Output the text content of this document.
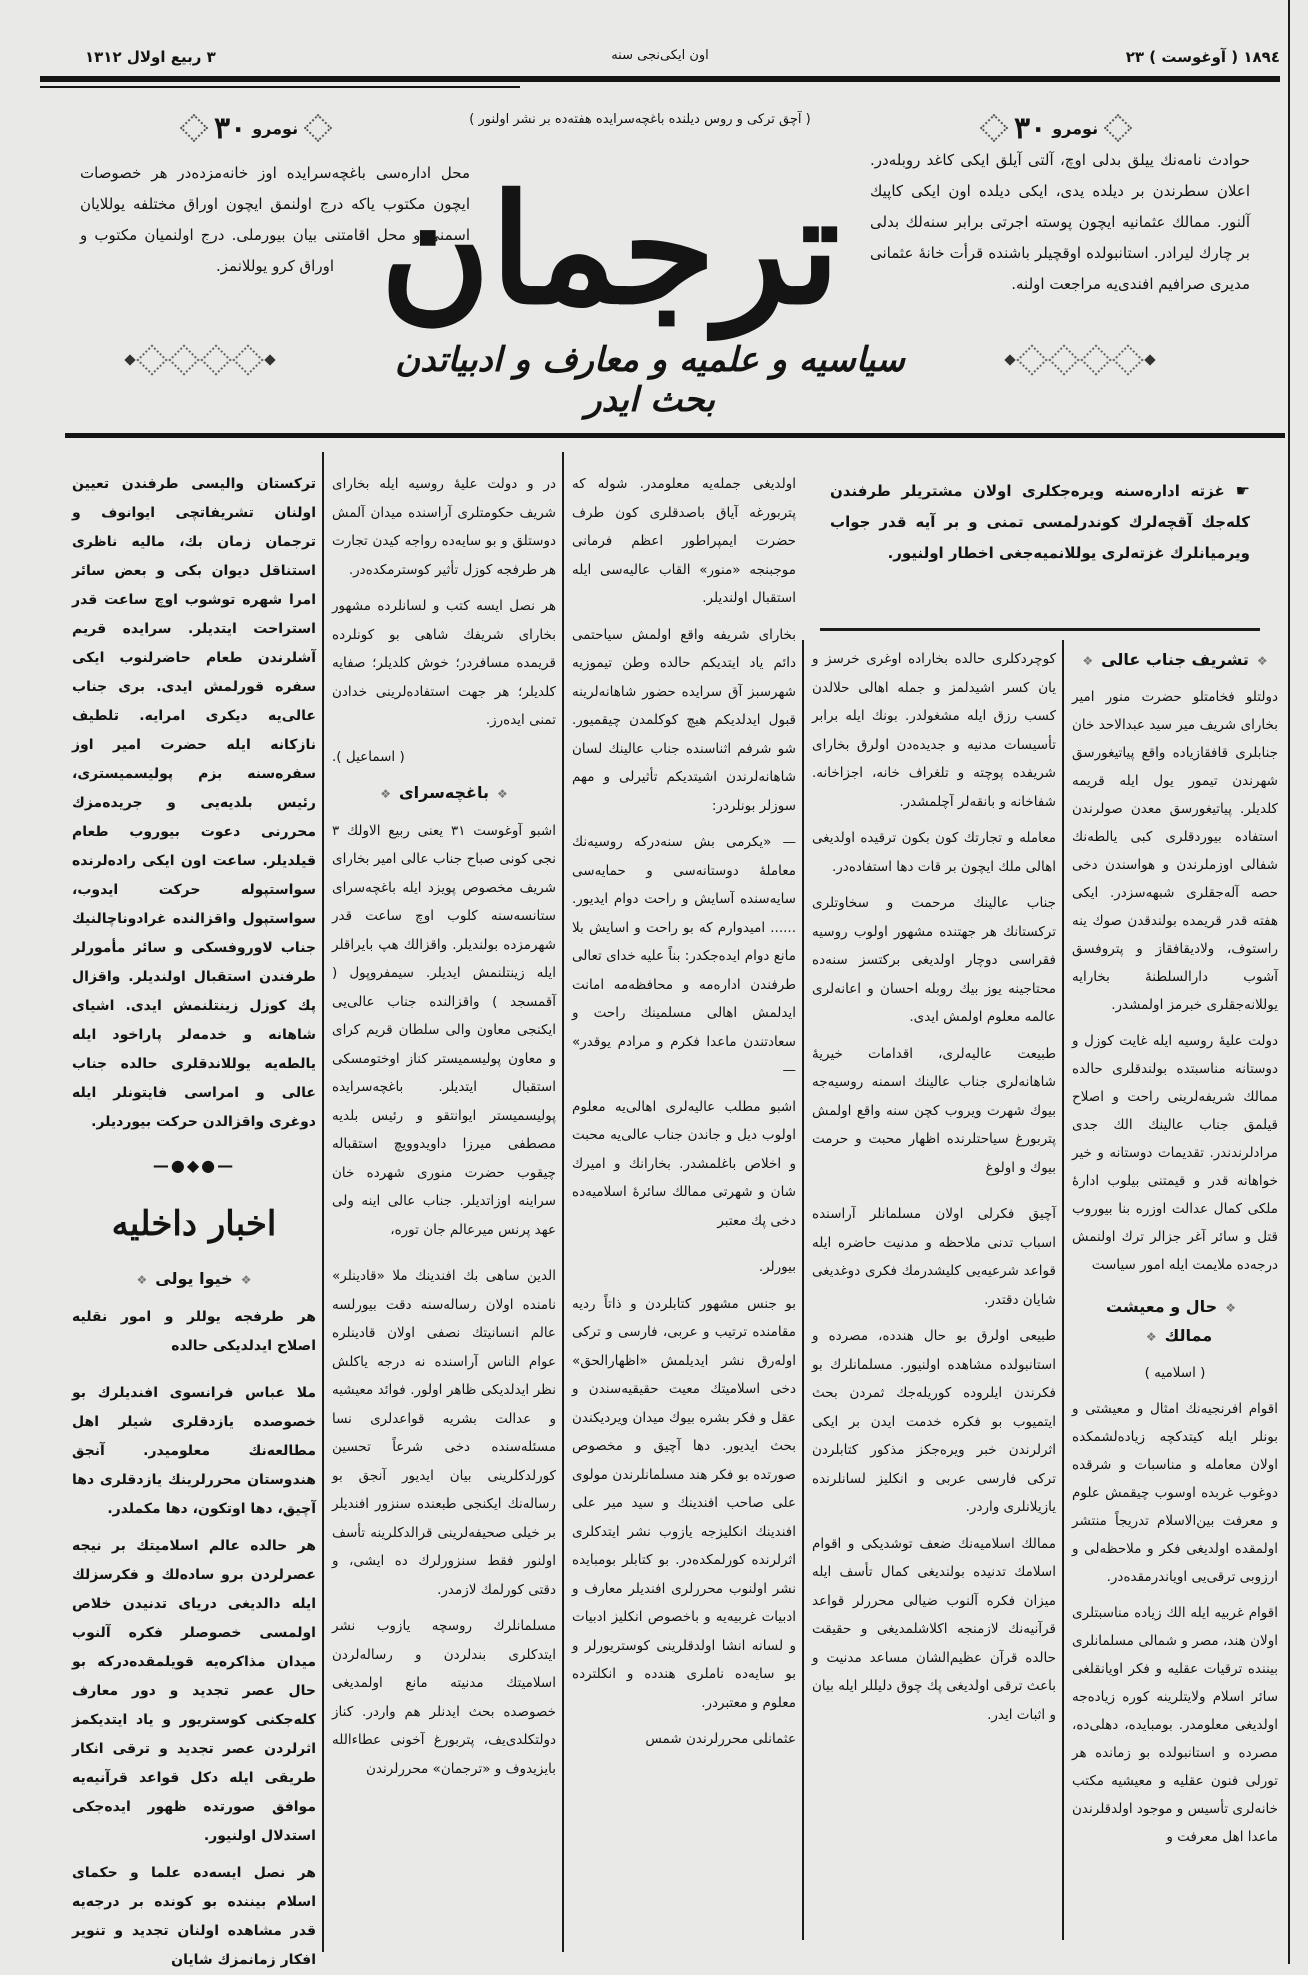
٣ ربیع اولال ١٣١٢	اون ایکی‌نجی سنه	١٨٩٤ ( آوغوست ) ٢٣
٣٠ نومرو	( آچق ترکی و روس دیلنده باغچه‌سرایده هفته‌ده بر نشر اولنور )	٣٠ نومرو
محل اداره‌سی باغچه‌سرایده اوز خانه‌مزده‌در هر خصوصات ایچون مکتوب یاکه درج اولنمق ایچون اوراق مختلفه یوللایان اسمنی و محل اقامتنی بیان بیورملی. درج اولنمیان مکتوب و اوراق کرو یوللانمز.
حوادث نامه‌نك ییلق بدلی اوچ، آلتی آیلق ایکی کاغد روبله‌در. اعلان سطرندن بر دیلده یدی، ایکی دیلده اون ایکی کاپیك آلنور. ممالك عثمانیه ایچون پوسته اجرتی برابر سنه‌لك بدلی بر چارك لیرادر. استانبولده اوقچیلر باشنده قرأت خانهٔ عثمانی مدیری صرافیم افندی‌یه مراجعت اولنه.
ترجمان
سیاسیه و علمیه و معارف و ادبیاتدن بحث ایدر

☛ غزته اداره‌سنه ویره‌جکلری اولان مشتریلر طرفندن کله‌جك آقچه‌لرك کوندرلمسی تمنی و بر آیه قدر جواب ویرمیانلرك غزته‌لری یوللانمیه‌جغی اخطار اولنیور.

❖ تشریف جناب عالی ❖

دولتلو فخامتلو حضرت منور امیر بخارای شریف میر سید عبدالاحد خان جنابلری قافقازیاده واقع پیاتیغورسق شهرندن تیمور یول ایله قریمه کلدیلر. پیاتیغورسق معدن صولرندن استفاده بیوردقلری کبی یالطه‌نك شفالی اوزملرندن و هواسندن دخی حصه آله‌جقلری شبهه‌سزدر. ایکی هفته قدر قریمده بولندقدن صوك ینه راستوف، ولادیقافقاز و پتروفسق آشوب دارالسلطنهٔ بخارایه یوللانه‌جقلری خبرمز اولمشدر.

دولت علیهٔ روسیه ایله غایت کوزل و دوستانه مناسبتده بولندقلری حالده ممالك شریفه‌لرینی راحت و اصلاح قیلمق جناب عالینك الك جدی مرادلرندندر. تقدیمات دوستانه و خیر خواهانه قدر و قیمتنی بیلوب ادارهٔ ملکی کمال عدالت اوزره بنا بیوروب قتل و سائر آغر جزالر ترك اولنمش درجه‌ده ملایمت ایله امور سیاست

❖ حال و معیشت ممالك ❖

( اسلامیه )

اقوام افرنجیه‌نك امثال و معیشتی و بونلر ایله کیتدکچه زیاده‌لشمکده اولان معامله و مناسبات و شرقده دوغوب غربده اوسوب چیقمش علوم و معرفت بین‌الاسلام تدریجاً منتشر اولمقده اولدیغی فکر و ملاحظه‌لی و ارزوبی ترقی‌یی اویاندرمقده‌در.

اقوام غربیه ایله الك زیاده مناسبتلری اولان هند، مصر و شمالی مسلمانلری بیننده ترقیات عقلیه و فکر اویانقلغی سائر اسلام ولایتلرینه کوره زیاده‌جه اولدیغی معلومدر. بومبایده، دهلی‌ده، مصرده و استانبولده بو زمانده هر تورلی فنون عقلیه و معیشیه مکتب خانه‌لری تأسیس و موجود اولدقلرندن ماعدا اهل معرفت و

کوچردکلری حالده بخاراده اوغری خرسز و یان کسر اشیدلمز و جمله اهالی حلالدن کسب رزق ایله مشغولدر. بونك ایله برابر تأسیسات مدنیه و جدیده‌دن اولرق بخارای شریفده پوچته و تلغراف خانه، اجزاخانه. شفاخانه و بانقه‌لر آچلمشدر.

معامله و تجارتك کون بکون ترقیده اولدیغی اهالی ملك ایچون بر قات دها استفاده‌در.

جناب عالینك مرحمت و سخاوتلری ترکستانك هر جهتنده مشهور اولوب روسیه فقراسی دوچار اولدیغی برکتسز سنه‌ده محتاجینه یوز بیك روبله احسان و اعانه‌لری عالمه معلوم اولمش ایدی.

طبیعت عالیه‌لری، اقدامات خیریهٔ شاهانه‌لری جناب عالینك اسمنه روسیه‌جه بیوك شهرت ویروب کچن سنه واقع اولمش پتربورغ سیاحتلرنده اظهار محبت و حرمت بیوك و اولوغ

آچیق فکرلی اولان مسلمانلر آراسنده اسباب تدنی ملاحظه و مدنیت حاضره ایله قواعد شرعیه‌یی کلیشدرمك فکری دوغدیغی شایان دقتدر.

طبیعی اولرق بو حال هندده، مصرده و استانبولده مشاهده اولنیور. مسلمانلرك بو فکرندن ایلروده کوریله‌جك ثمردن بحث ایتمیوب بو فکره خدمت ایدن بر ایکی اثرلرندن خبر ویره‌جکز مذکور کتابلردن ترکی فارسی عربی و انکلیز لسانلرنده یازیلانلری واردر.

ممالك اسلامیه‌نك ضعف توشدیکی و اقوام اسلامك تدنیده بولندیغی کمال تأسف ایله میزان فکره آلنوب ضیالی محررلر قواعد قرآنیه‌نك لازمنجه اکلاشلمدیغی و حقیقت حالده قرآن عظیم‌الشان مساعد مدنیت و باعث ترقی اولدیغی پك چوق دلیللر ایله بیان و اثبات ایدر.

اولدیغی جمله‌یه معلومدر. شوله که پتربورغه آیاق باصدقلری کون طرف حضرت ایمپراطور اعظم فرمانی موجبنجه «منور» القاب عالیه‌سی ایله استقبال اولندیلر.

بخارای شریفه واقع اولمش سیاحتمی دائم یاد ایتدیکم حالده وطن تیموزیه شهرسبز آق سرایده حضور شاهانه‌لرینه قبول ایدلدیکم هیچ کوکلمدن چیقمیور. شو شرفم اثناسنده جناب عالینك لسان شاهانه‌لرندن اشیتدیکم تأثیرلی و مهم سوزلر بونلردر:

— «یکرمی بش سنه‌درکه روسیه‌نك معاملهٔ دوستانه‌سی و حمایه‌سی سایه‌سنده آسایش و راحت دوام ایدیور. ...... امیدوارم که بو راحت و اسایش بلا مانع دوام ایده‌جکدر: بناً علیه خدای تعالی طرفندن اداره‌مه و محافظه‌مه امانت ایدلمش اهالی مسلمینك راحت و سعادتندن ماعدا فکرم و مرادم یوقدر» —

اشبو مطلب عالیه‌لری اهالی‌یه معلوم اولوب دیل و جاندن جناب عالی‌یه محبت و اخلاص باغلمشدر. بخارانك و امیرك شان و شهرتی ممالك سائرهٔ اسلامیه‌ده دخی پك معتبر

بیورلر.

بو جنس مشهور کتابلردن و ذاتاً ردیه مقامنده ترتیب و عربی، فارسی و ترکی اوله‌رق نشر ایدیلمش «اظهارالحق» دخی اسلامیتك معیت حقیقیه‌سندن و عقل و فکر بشره بیوك میدان ویردیکندن بحث ایدیور. دها آچیق و مخصوص صورتده بو فکر هند مسلمانلرندن مولوی علی صاحب افندینك و سید میر علی افندینك انکلیزجه یازوب نشر ایتدکلری اثرلرنده کورلمکده‌در. بو کتابلر بومبایده نشر اولنوب محررلری افندیلر معارف و ادبیات غربیه‌یه و باخصوص انکلیز ادبیات و لسانه انشا اولدقلرینی کوستریورلر و بو سایه‌ده ناملری هندده و انکلترده معلوم و معتبردر.

عثمانلی محررلرندن شمس

در و دولت علیهٔ روسیه ایله بخارای شریف حکومتلری آراسنده میدان آلمش دوستلق و بو سایه‌ده رواجه کیدن تجارت هر طرفجه کوزل تأثیر کوسترمکده‌در.

هر نصل ایسه کتب و لسانلرده مشهور بخارای شریفك شاهی بو کونلرده قریمده مسافردر؛ خوش کلدیلر؛ صفایه کلدیلر؛ هر جهت استفاده‌لرینی خدادن تمنی ایده‌رز.

( اسماعیل ).

❖ باغچه‌سرای ❖

اشبو آوغوست ٣١ یعنی ربیع الاولك ٣ نجی کونی صباح جناب عالی امیر بخارای شریف مخصوص پویزد ایله باغچه‌سرای ستانسه‌سنه کلوب اوچ ساعت قدر شهرمزده بولندیلر. واقزالك هپ بایراقلر ایله زینتلنمش ایدیلر. سیمفروپول ( آقمسجد ) واقزالنده جناب عالی‌یی ایکنجی معاون والی سلطان قریم کرای و معاون پولیسمیستر کناز اوختومسکی استقبال ایتدیلر. باغچه‌سرایده پولیسمیستر ایوانتقو و رئیس بلدیه مصطفی میرزا داویدوویچ استقباله چیقوب حضرت منوری شهرده خان سراینه اوزاتدیلر. جناب عالی اینه ولی عهد پرنس میرعالم جان توره،

الدین ساهی بك افندینك ملا «قادینلر» نامنده اولان رساله‌سنه دقت بیورلسه عالم انسانیتك نصفی اولان قادینلره عوام الناس آراسنده نه درجه یاکلش نظر ایدلدیکی ظاهر اولور. فوائد معیشیه و عدالت بشریه قواعدلری نسا مسئله‌سنده دخی شرعاً تحسین کورلدکلرینی بیان ایدیور آنجق بو رساله‌نك ایکنجی طبعنده سنزور افندیلر بر خیلی صحیفه‌لرینی قرالدکلرینه تأسف اولنور فقط سنزورلرك ده ایشی، و دقتی کورلمك لازمدر.

مسلمانلرك روسچه یازوب نشر ایتدکلری بندلردن و رساله‌لردن اسلامیتك مدنیته مانع اولمدیغی خصوصده بحث ایدنلر هم واردر. کناز دولتکلدی‌یف، پتربورغ آخونی عطاءالله بایزیدوف و «ترجمان» محررلرندن

ترکستان والیسی طرفندن تعیین اولنان تشریفاتچی ایوانوف و ترجمان زمان بك، مالیه ناظری استناقل دیوان بکی و بعض سائر امرا شهره توشوب اوچ ساعت قدر استراحت ایتدیلر. سرایده قریم آشلرندن طعام حاضرلنوب ایکی سفره قورلمش ایدی. بری جناب عالی‌یه دیکری امرایه. تلطیف نازکانه ایله حضرت امیر اوز سفره‌سنه بزم پولیسمیستری، رئیس بلدیه‌یی و جریده‌مزك محررنی دعوت بیوروب طعام قیلدیلر. ساعت اون ایکی راده‌لرنده سواستپوله حرکت ایدوب، سواستپول واقزالنده غرادوناچالنیك جناب لاوروفسکی و سائر مأمورلر طرفندن استقبال اولندیلر. واقزال پك کوزل زینتلنمش ایدی. اشیای شاهانه و خدمه‌لر پاراخود ایله یالطه‌یه یوللاندقلری حالده جناب عالی و امراسی فایتونلر ایله دوغری واقزالدن حرکت بیوردیلر.

—●◆●—

اخبار داخلیه

❖ خیوا یولی ❖

هر طرفجه یوللر و امور نقلیه اصلاح ایدلدیکی حالده

ملا عباس فرانسوی افندیلرك بو خصوصده یازدقلری شیلر اهل مطالعه‌نك معلومیدر. آنجق هندوستان محررلرینك یازدقلری دها آچیق، دها اوتکون، دها مکملدر.

هر حالده عالم اسلامیتك بر نیجه عصرلردن برو ساده‌لك و فکرسزلك ایله دالدیغی دریای تدنیدن خلاص اولمسی خصوصلر فکره آلنوب میدان مذاکره‌یه قویلمقده‌درکه بو حال عصر تجدید و دور معارف کله‌جکنی کوستریور و یاد ایتدیکمز اثرلردن عصر تجدید و ترقی انکار طریقی ایله دکل قواعد قرآنیه‌یه موافق صورتده ظهور ایده‌جکی استدلال اولنیور.

هر نصل ایسه‌ده علما و حکمای اسلام بیننده بو کونده بر درجه‌یه قدر مشاهده اولنان تجدید و تنویر افکار زمانمزك شایان
